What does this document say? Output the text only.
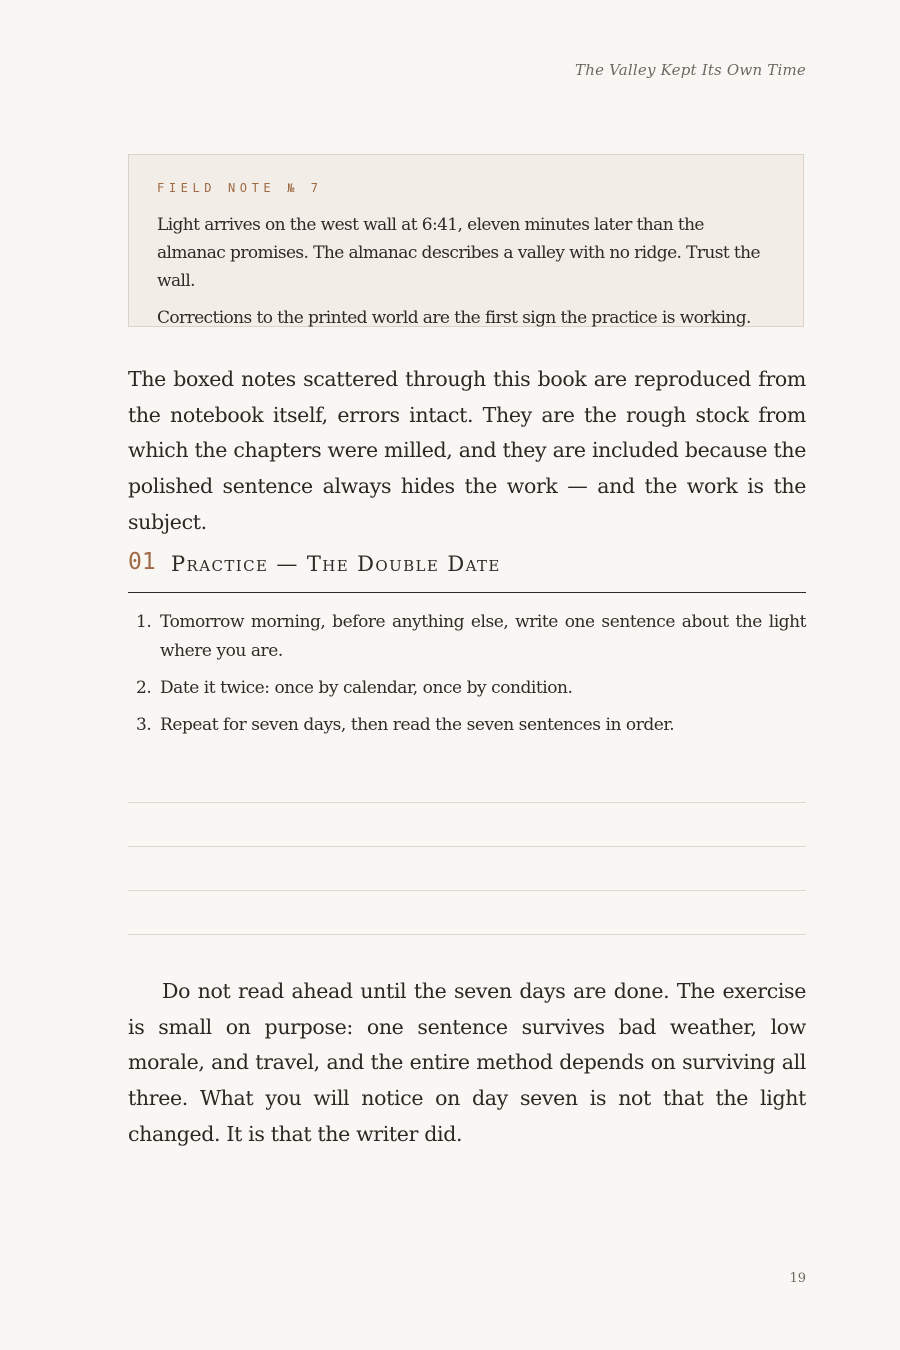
The Valley Kept Its Own Time
FIELD NOTE № 7

Light arrives on the west wall at 6:41, eleven minutes later than the almanac promises. The almanac describes a valley with no ridge. Trust the wall.

Corrections to the printed world are the first sign the practice is working.

The boxed notes scattered through this book are reproduced from the notebook itself, errors intact. They are the rough stock from which the chapters were milled, and they are included because the polished sentence always hides the work — and the work is the subject.

01 Practice — The Double Date
1. Tomorrow morning, before anything else, write one sentence about the light where you are.
2. Date it twice: once by calendar, once by condition.
3. Repeat for seven days, then read the seven sentences in order.

Do not read ahead until the seven days are done. The exercise is small on purpose: one sentence survives bad weather, low morale, and travel, and the entire method depends on surviving all three. What you will notice on day seven is not that the light changed. It is that the writer did.

19
